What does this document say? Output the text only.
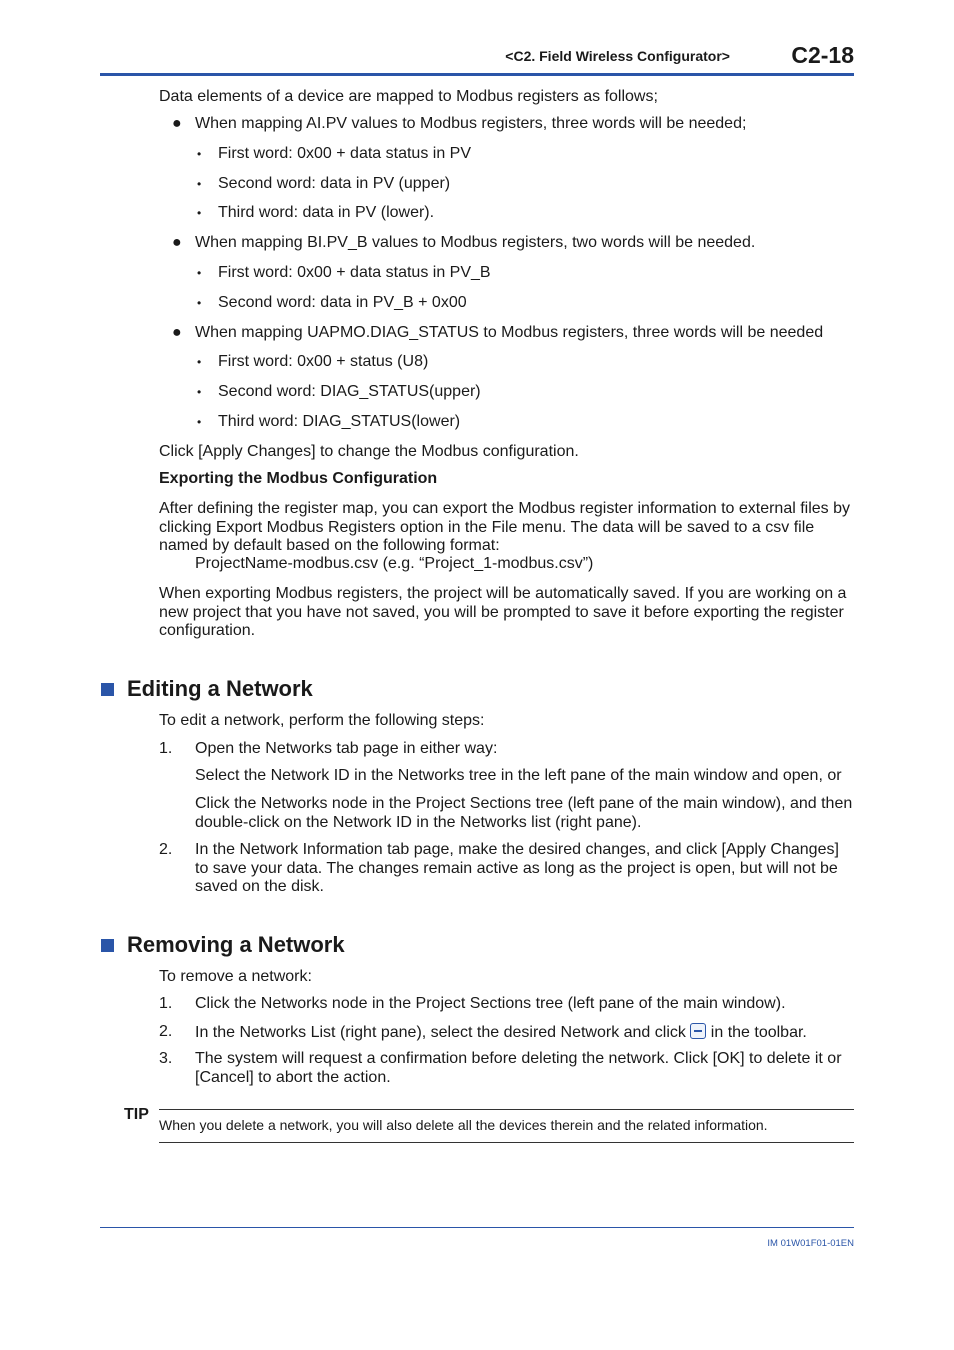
<C2. Field Wireless Configurator>	C2-18
Data elements of a device are mapped to Modbus registers as follows;
● When mapping AI.PV values to Modbus registers, three words will be needed;
• First word: 0x00 + data status in PV
• Second word: data in PV (upper)
• Third word: data in PV (lower).
● When mapping BI.PV_B values to Modbus registers, two words will be needed.
• First word: 0x00 + data status in PV_B
• Second word: data in PV_B + 0x00
● When mapping UAPMO.DIAG_STATUS to Modbus registers, three words will be needed
• First word: 0x00 + status (U8)
• Second word: DIAG_STATUS(upper)
• Third word: DIAG_STATUS(lower)
Click [Apply Changes] to change the Modbus configuration.
Exporting the Modbus Configuration
After defining the register map, you can export the Modbus register information to external files by clicking Export Modbus Registers option in the File menu. The data will be saved to a csv file named by default based on the following format:
ProjectName-modbus.csv (e.g. “Project_1-modbus.csv”)
When exporting Modbus registers, the project will be automatically saved. If you are working on a new project that you have not saved, you will be prompted to save it before exporting the register configuration.
Editing a Network
To edit a network, perform the following steps:
1. Open the Networks tab page in either way:
Select the Network ID in the Networks tree in the left pane of the main window and open, or
Click the Networks node in the Project Sections tree (left pane of the main window), and then double-click on the Network ID in the Networks list (right pane).
2. In the Network Information tab page, make the desired changes, and click [Apply Changes] to save your data. The changes remain active as long as the project is open, but will not be saved on the disk.
Removing a Network
To remove a network:
1. Click the Networks node in the Project Sections tree (left pane of the main window).
2. In the Networks List (right pane), select the desired Network and click in the toolbar.
3. The system will request a confirmation before deleting the network. Click [OK] to delete it or [Cancel] to abort the action.
TIP
When you delete a network, you will also delete all the devices therein and the related information.
IM 01W01F01-01EN
